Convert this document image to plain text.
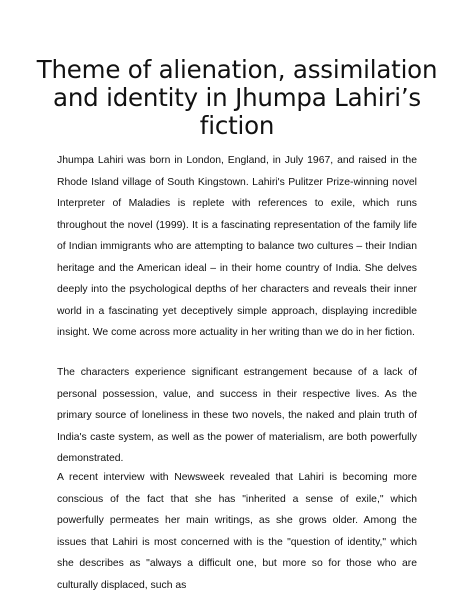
Theme of alienation, assimilation and identity in Jhumpa Lahiri’s fiction

Jhumpa Lahiri was born in London, England, in July 1967, and raised in the Rhode Island village of South Kingstown. Lahiri's Pulitzer Prize-winning novel Interpreter of Maladies is replete with references to exile, which runs throughout the novel (1999). It is a fascinating representation of the family life of Indian immigrants who are attempting to balance two cultures – their Indian heritage and the American ideal – in their home country of India. She delves deeply into the psychological depths of her characters and reveals their inner world in a fascinating yet deceptively simple approach, displaying incredible insight. We come across more actuality in her writing than we do in her fiction.

The characters experience significant estrangement because of a lack of personal possession, value, and success in their respective lives. As the primary source of loneliness in these two novels, the naked and plain truth of India's caste system, as well as the power of materialism, are both powerfully demonstrated.

A recent interview with Newsweek revealed that Lahiri is becoming more conscious of the fact that she has "inherited a sense of exile," which powerfully permeates her main writings, as she grows older. Among the issues that Lahiri is most concerned with is the "question of identity," which she describes as "always a difficult one, but more so for those who are culturally displaced, such as
